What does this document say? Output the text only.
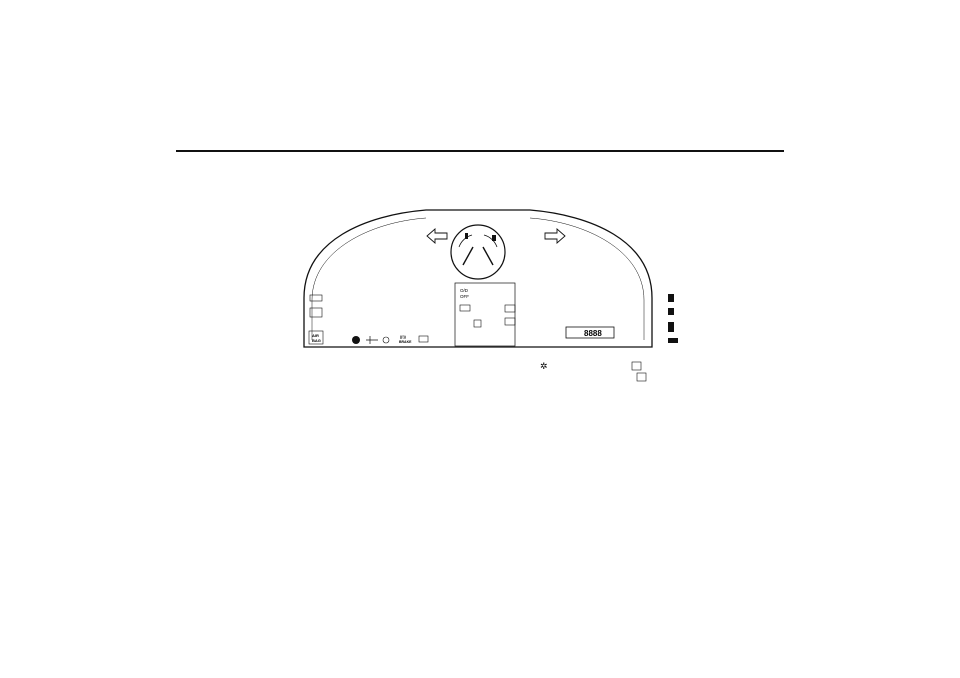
8888
AIR
BAG
((!))
BRAKE
O/D
OFF
✲
